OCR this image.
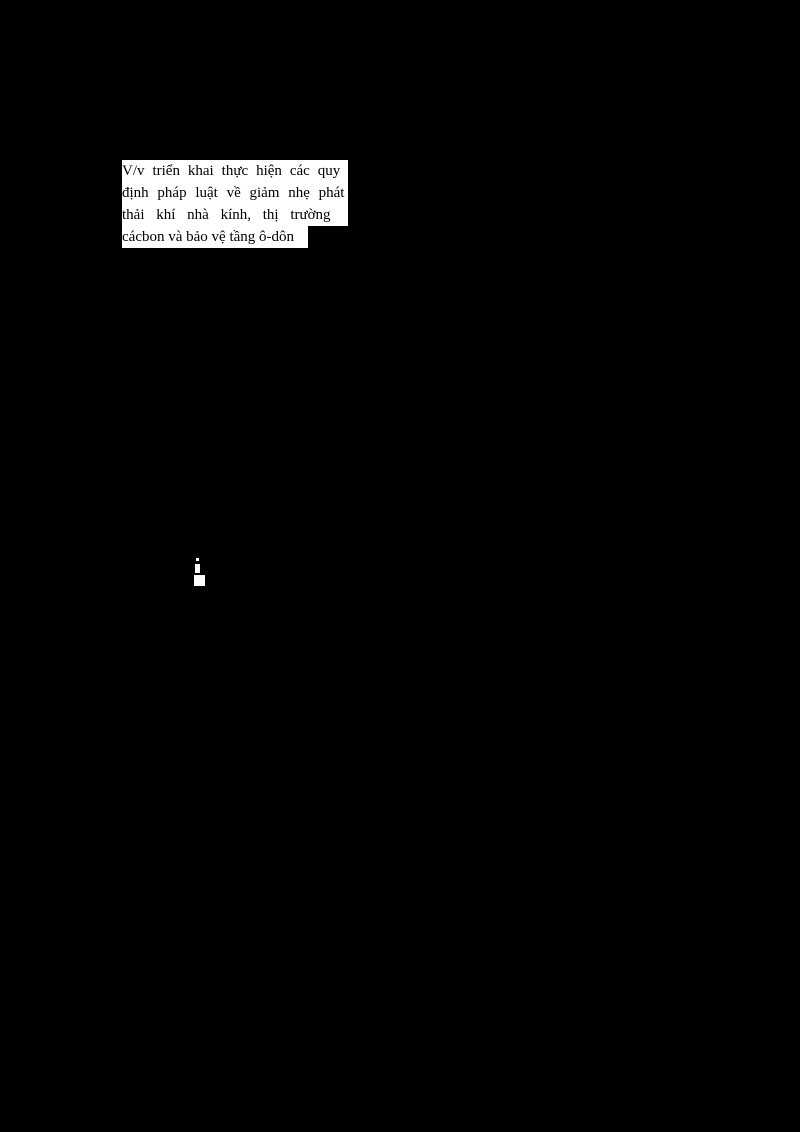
V/v triển khai thực hiện các quy
định pháp luật về giảm nhẹ phát
thải khí nhà kính, thị trường
cácbon và bảo vệ tầng ô-dôn
